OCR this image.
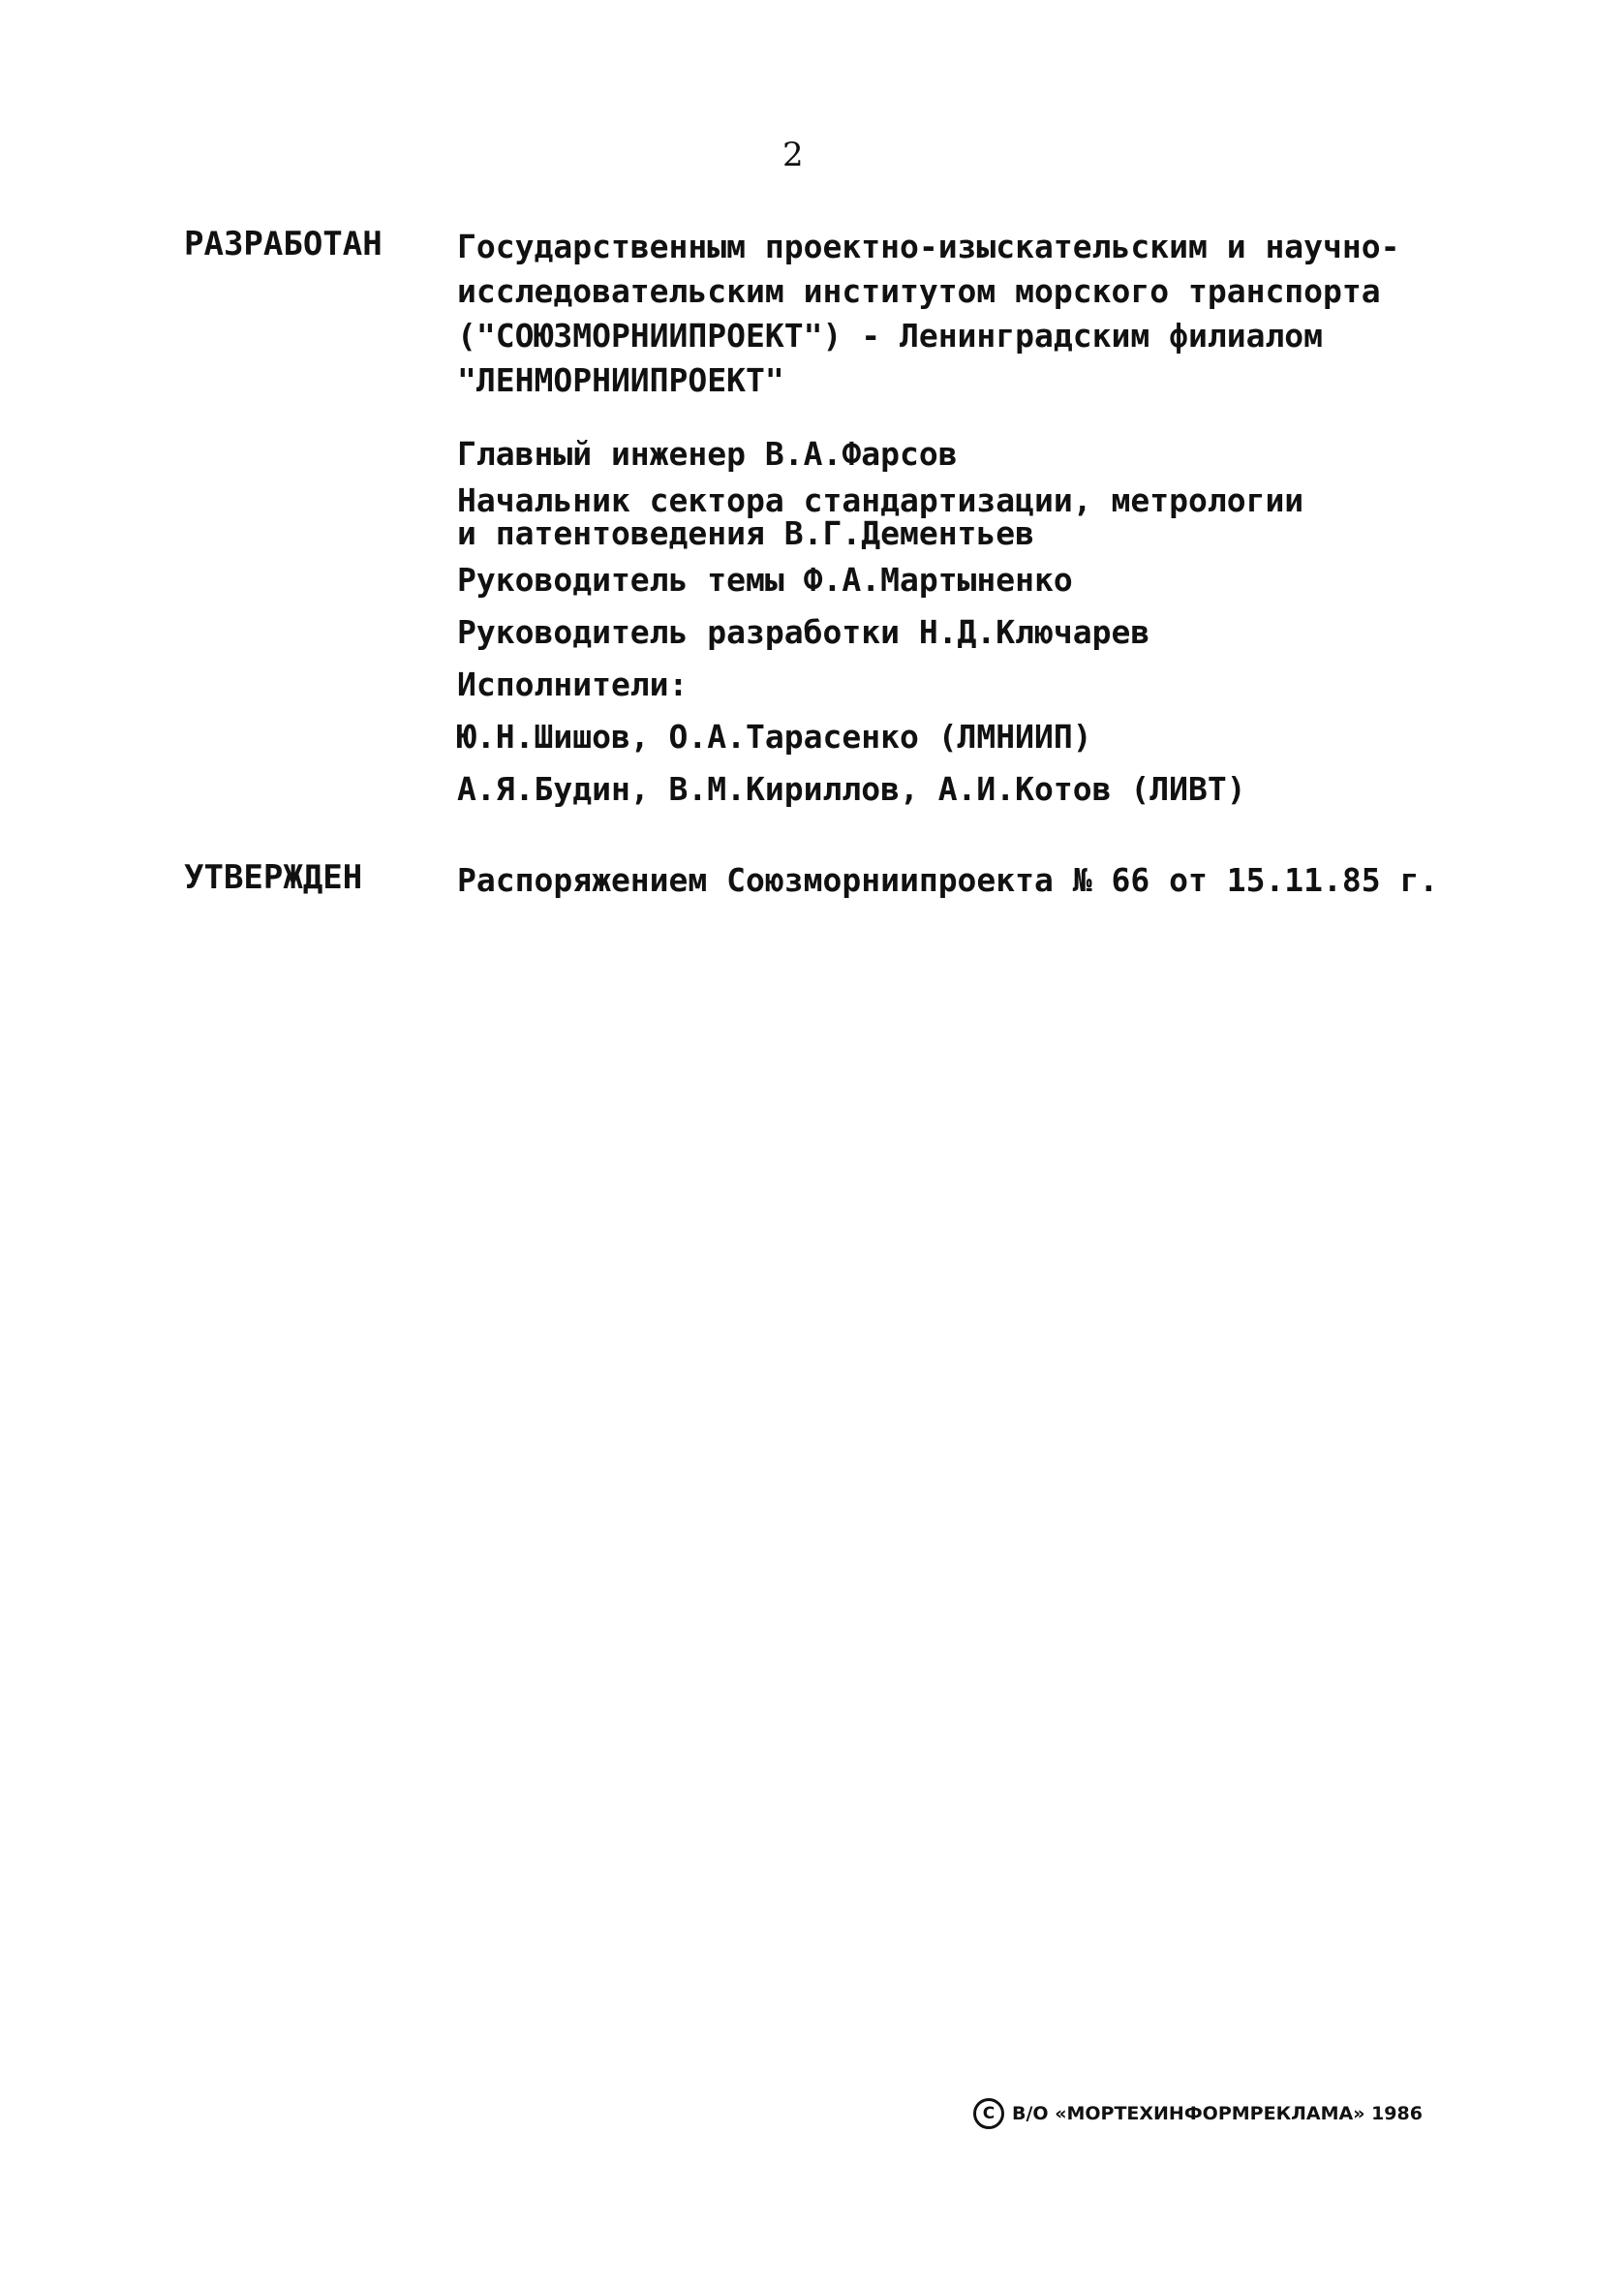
2
РАЗРАБОТАН Государственным проектно-изыскательским и научно-
исследовательским институтом морского транспорта
("СОЮЗМОРНИИПРОЕКТ") - Ленинградским филиалом
"ЛЕНМОРНИИПРОЕКТ"
Главный инженер В.А.Фарсов
Начальник сектора стандартизации, метрологии
и патентоведения В.Г.Дементьев
Руководитель темы Ф.А.Мартыненко
Руководитель разработки Н.Д.Ключарев
Исполнители:
Ю.Н.Шишов, О.А.Тарасенко (ЛМНИИП)
А.Я.Будин, В.М.Кириллов, А.И.Котов (ЛИВТ)
УТВЕРЖДЕН	Распоряжением Союзморниипроекта № 66 от 15.11.85 г.
C В/О «МОРТЕХИНФОРМРЕКЛАМА» 1986
